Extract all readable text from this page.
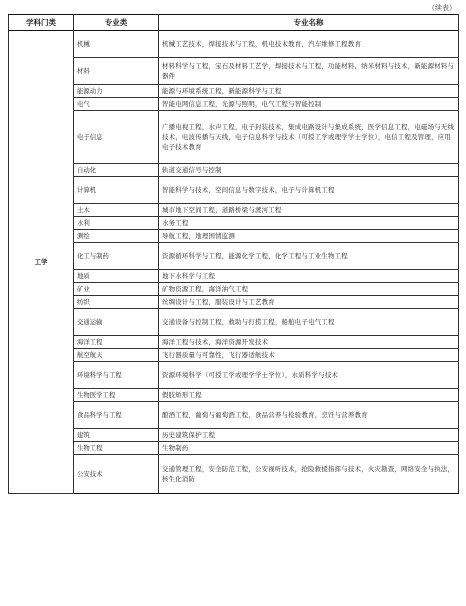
（续表）
学科门类	专业类	专业名称
工学	机械	机械工艺技术，焊接技术与工程，机电技术教育，汽车维修工程教育
	材料	材料科学与工程，宝石及材料工艺学，焊接技术与工程，功能材料，纳米材料与技术，新能源材料与器件
	能源动力	能源与环境系统工程，新能源科学与工程
	电气	智能电网信息工程，光源与照明，电气工程与智能控制
	电子信息	广播电视工程，水声工程，电子封装技术，集成电路设计与集成系统，医学信息工程，电磁场与无线技术，电波传播与天线，电子信息科学与技术（可授工学或理学学士学位），电信工程及管理，应用电子技术教育
	自动化	轨道交通信号与控制
	计算机	智能科学与技术，空间信息与数字技术，电子与计算机工程
	土木	城市地下空间工程，道路桥梁与渡河工程
	水利	水务工程
	测绘	导航工程，地理国情监测
	化工与制药	资源循环科学与工程，能源化学工程，化学工程与工业生物工程
	地质	地下水科学与工程
	矿业	矿物资源工程，海洋油气工程
	纺织	丝绸设计与工程，服装设计与工艺教育
	交通运输	交通设备与控制工程，救助与打捞工程，船舶电子电气工程
	海洋工程	海洋工程与技术，海洋资源开发技术
	航空航天	飞行器质量与可靠性，飞行器适航技术
	环境科学与工程	资源环境科学（可授工学或理学学士学位），水质科学与技术
	生物医学工程	假肢矫形工程
	食品科学与工程	酿酒工程，葡萄与葡萄酒工程，食品营养与检验教育，烹饪与营养教育
	建筑	历史建筑保护工程
	生物工程	生物制药
	公安技术	交通管理工程，安全防范工程，公安视听技术，抢险救援指挥与技术，火灾勘查，网络安全与执法，核生化消防
